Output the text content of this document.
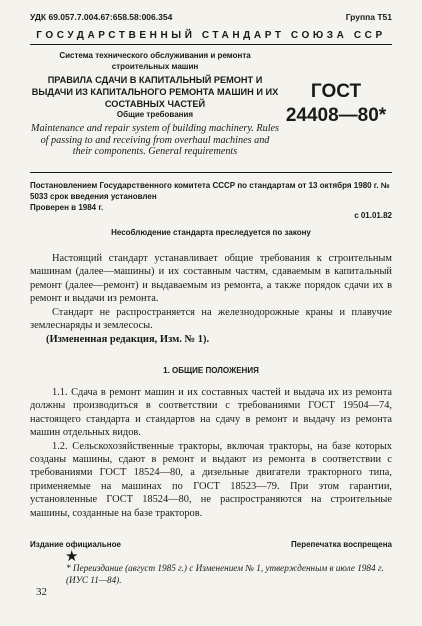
УДК 69.057.7.004.67:658.58:006.354	Группа Т51
ГОСУДАРСТВЕННЫЙ СТАНДАРТ СОЮЗА ССР
Система технического обслуживания и ремонта строительных машин
ПРАВИЛА СДАЧИ В КАПИТАЛЬНЫЙ РЕМОНТ И ВЫДАЧИ ИЗ КАПИТАЛЬНОГО РЕМОНТА МАШИН И ИХ СОСТАВНЫХ ЧАСТЕЙ
Общие требования
Maintenance and repair system of building machinery. Rules of passing to and receiving from overhaul machines and their components. General requirements
ГОСТ
24408—80*
Постановлением Государственного комитета СССР по стандартам от 13 октября 1980 г. № 5033 срок введения установлен
Проверен в 1984 г.
с 01.01.82
Несоблюдение стандарта преследуется по закону

Настоящий стандарт устанавливает общие требования к строительным машинам (далее—машины) и их составным частям, сдаваемым в капитальный ремонт (далее—ремонт) и выдаваемым из ремонта, а также порядок сдачи их в ремонт и выдачи из ремонта.

Стандарт не распространяется на железнодорожные краны и плавучие землеснаряды и землесосы.

(Измененная редакция, Изм. № 1).
1. ОБЩИЕ ПОЛОЖЕНИЯ

1.1. Сдача в ремонт машин и их составных частей и выдача их из ремонта должны производиться в соответствии с требованиями ГОСТ 19504—74, настоящего стандарта и стандартов на сдачу в ремонт и выдачу из ремонта машин отдельных видов.

1.2. Сельскохозяйственные тракторы, включая тракторы, на базе которых созданы машины, сдают в ремонт и выдают из ремонта в соответствии с требованиями ГОСТ 18524—80, а дизельные двигатели тракторного типа, применяемые на машинах по ГОСТ 18523—79. При этом гарантии, установленные ГОСТ 18524—80, не распространяются на строительные машины, созданные на базе тракторов.

Издание официальное	Перепечатка воспрещена
★
* Переиздание (август 1985 г.) с Изменением № 1, утвержденным в июле 1984 г. (ИУС 11—84).
32
